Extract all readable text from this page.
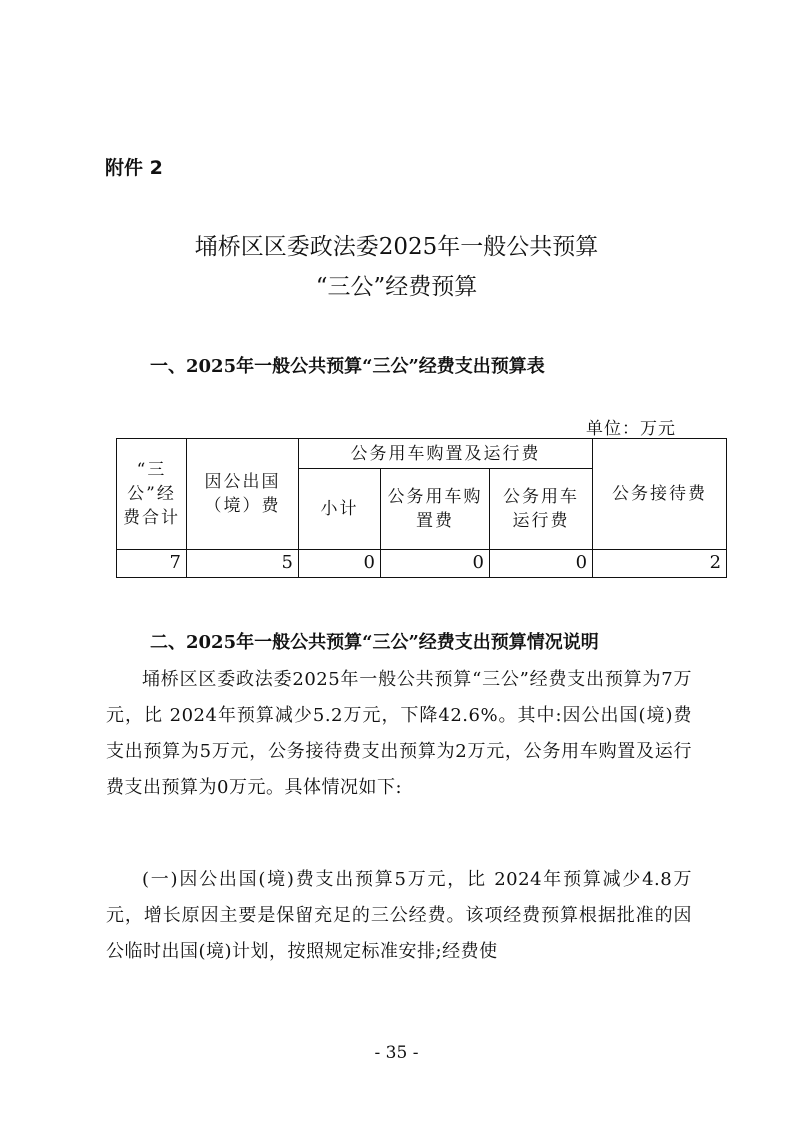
附件 2
埇桥区区委政法委2025年一般公共预算
“三公”经费预算
一、2025年一般公共预算“三公”经费支出预算表
单位：万元
“三公”经费合计	因公出国（境）费	公务用车购置及运行费			公务接待费
		小计	公务用车购置费	公务用车运行费	
7	5	0	0	0	2
二、2025年一般公共预算“三公”经费支出预算情况说明
埇桥区区委政法委2025年一般公共预算“三公”经费支出预算为7万元，比 2024年预算减少5.2万元，下降42.6%。其中:因公出国(境)费支出预算为5万元，公务接待费支出预算为2万元，公务用车购置及运行费支出预算为0万元。具体情况如下:
(一)因公出国(境)费支出预算5万元，比 2024年预算减少4.8万元，增长原因主要是保留充足的三公经费。该项经费预算根据批准的因公临时出国(境)计划，按照规定标准安排;经费使
- 35 -
